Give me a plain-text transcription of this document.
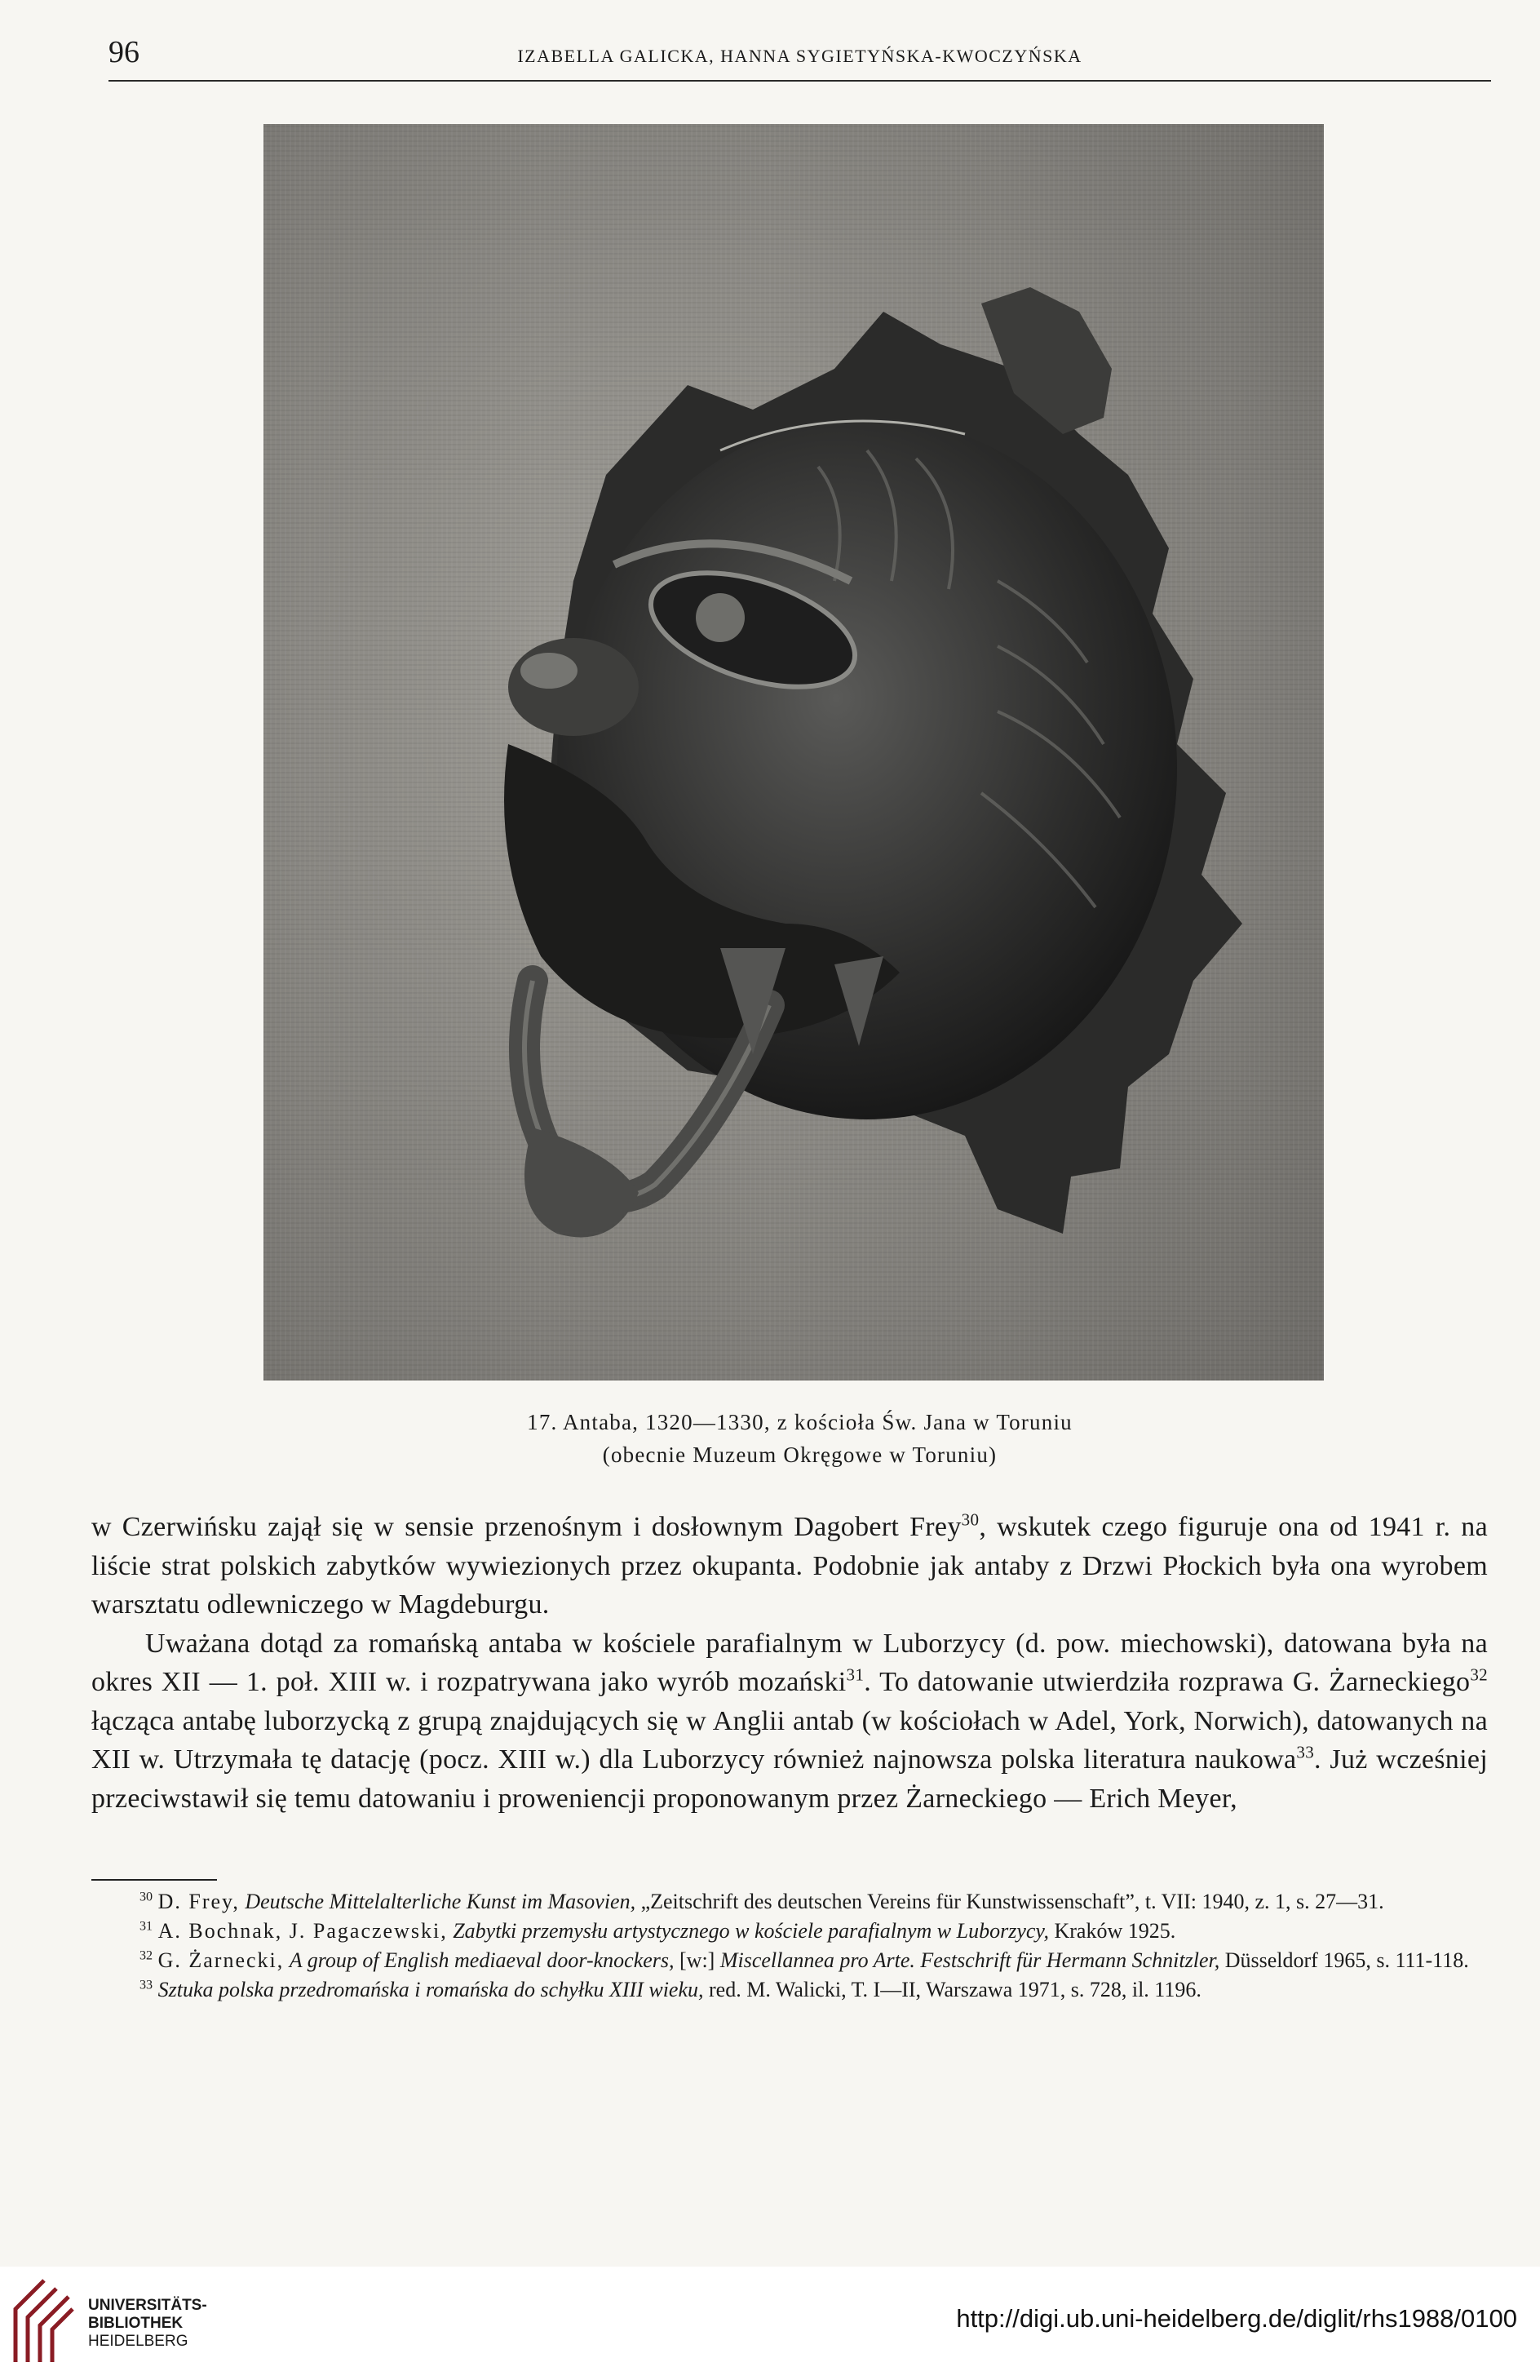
96	IZABELLA GALICKA, HANNA SYGIETYŃSKA-KWOCZYŃSKA
17. Antaba, 1320—1330, z kościoła Św. Jana w Toruniu
(obecnie Muzeum Okręgowe w Toruniu)

w Czerwińsku zajął się w sensie przenośnym i dosłownym Dagobert Frey$^{30}$, wskutek czego figuruje ona od 1941 r. na liście strat polskich zabytków wywiezionych przez okupanta. Podobnie jak antaby z Drzwi Płockich była ona wyrobem warsztatu odlewniczego w Magdeburgu.

Uważana dotąd za romańską antaba w kościele parafialnym w Luborzycy (d. pow. miechowski), datowana była na okres XII — 1. poł. XIII w. i rozpatrywana jako wyrób mozański$^{31}$. To datowanie utwierdziła rozprawa G. Żarneckiego$^{32}$ łącząca antabę luborzycką z grupą znajdujących się w Anglii antab (w kościołach w Adel, York, Norwich), datowanych na XII w. Utrzymała tę datację (pocz. XIII w.) dla Luborzycy również najnowsza polska literatura naukowa$^{33}$. Już wcześniej przeciwstawił się temu datowaniu i proweniencji proponowanym przez Żarneckiego — Erich Meyer,

$^{30}$ D. Frey, Deutsche Mittelalterliche Kunst im Masovien, „Zeitschrift des deutschen Vereins für Kunstwissenschaft”, t. VII: 1940, z. 1, s. 27—31.

$^{31}$ A. Bochnak, J. Pagaczewski, Zabytki przemysłu artystycznego w kościele parafialnym w Luborzycy, Kraków 1925.

$^{32}$ G. Żarnecki, A group of English mediaeval door-knockers, [w:] Miscellannea pro Arte. Festschrift für Hermann Schnitzler, Düsseldorf 1965, s. 111-118.

$^{33}$ Sztuka polska przedromańska i romańska do schyłku XIII wieku, red. M. Walicki, T. I—II, Warszawa 1971, s. 728, il. 1196.

UNIVERSITÄTS-
BIBLIOTHEK
HEIDELBERG
http://digi.ub.uni-heidelberg.de/diglit/rhs1988/0100
